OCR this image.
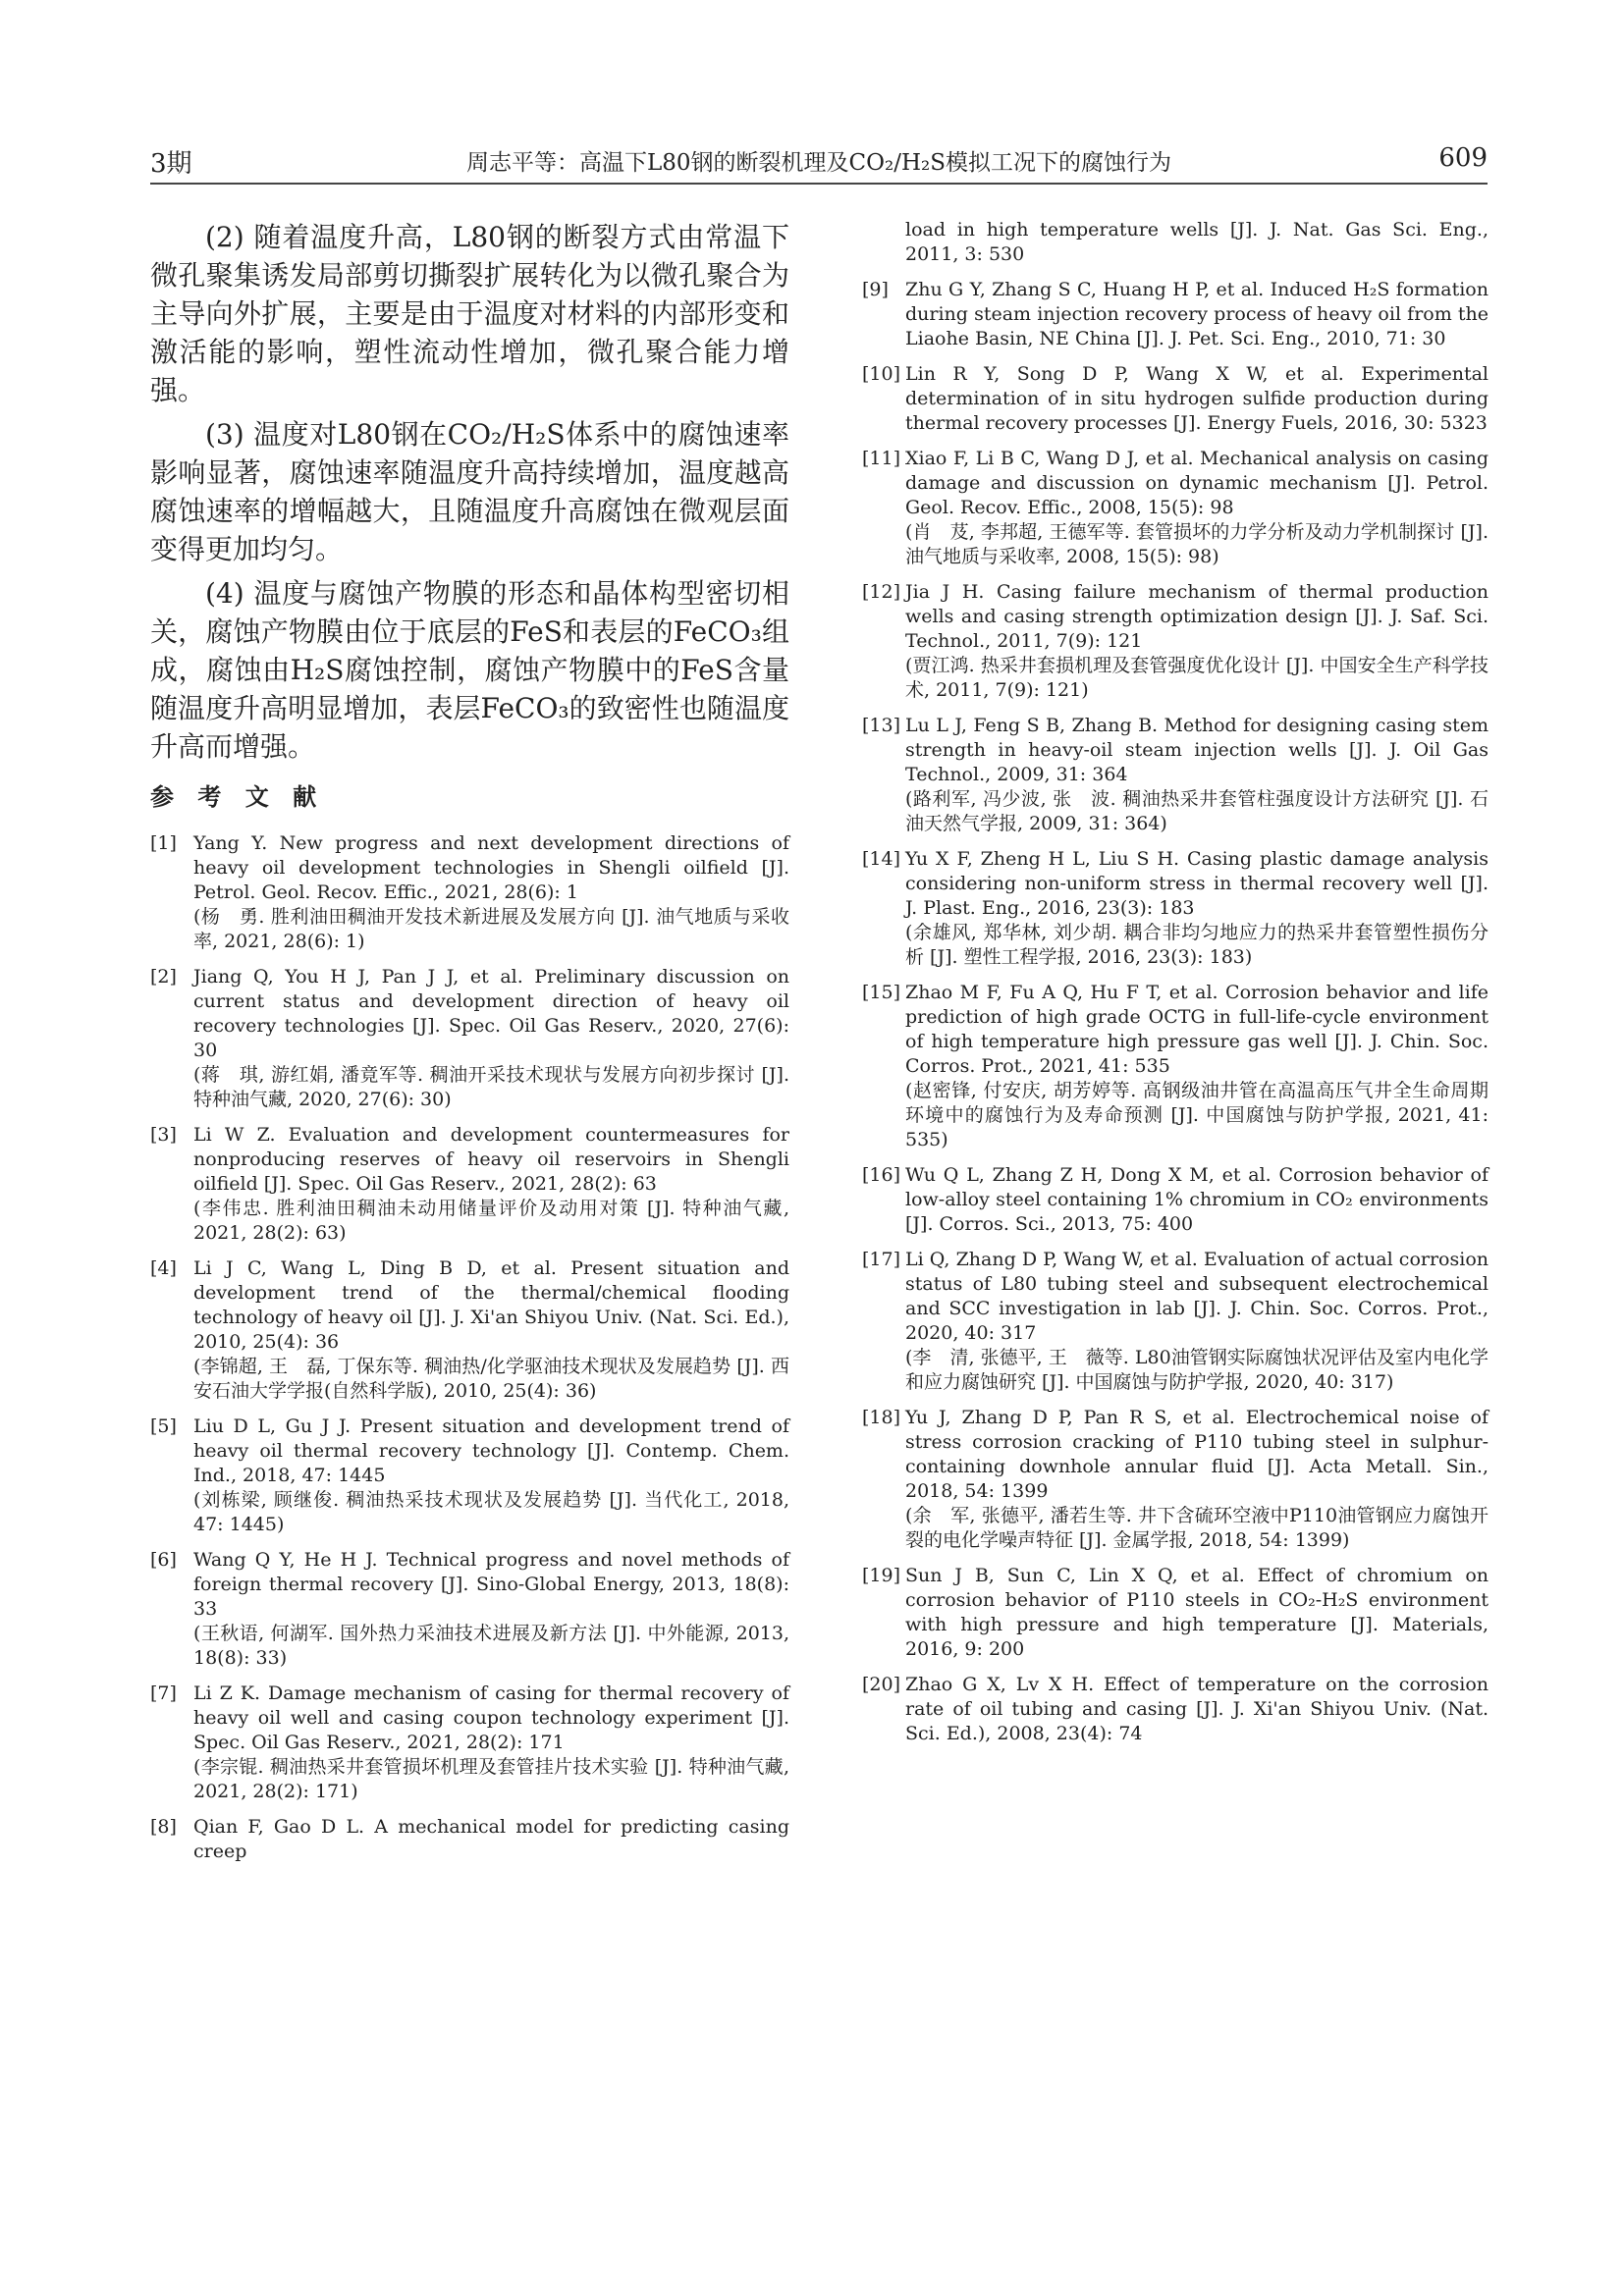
3期	周志平等：高温下L80钢的断裂机理及CO₂/H₂S模拟工况下的腐蚀行为	609

(2) 随着温度升高，L80钢的断裂方式由常温下微孔聚集诱发局部剪切撕裂扩展转化为以微孔聚合为主导向外扩展，主要是由于温度对材料的内部形变和激活能的影响，塑性流动性增加，微孔聚合能力增强。

(3) 温度对L80钢在CO₂/H₂S体系中的腐蚀速率影响显著，腐蚀速率随温度升高持续增加，温度越高腐蚀速率的增幅越大，且随温度升高腐蚀在微观层面变得更加均匀。

(4) 温度与腐蚀产物膜的形态和晶体构型密切相关，腐蚀产物膜由位于底层的FeS和表层的FeCO₃组成，腐蚀由H₂S腐蚀控制，腐蚀产物膜中的FeS含量随温度升高明显增加，表层FeCO₃的致密性也随温度升高而增强。

参 考 文 献
[1] Yang Y. New progress and next development directions of heavy oil development technologies in Shengli oilfield [J]. Petrol. Geol. Recov. Effic., 2021, 28(6): 1
(杨　勇. 胜利油田稠油开发技术新进展及发展方向 [J]. 油气地质与采收率, 2021, 28(6): 1)
[2] Jiang Q, You H J, Pan J J, et al. Preliminary discussion on current status and development direction of heavy oil recovery technologies [J]. Spec. Oil Gas Reserv., 2020, 27(6): 30
(蒋　琪, 游红娟, 潘竟军等. 稠油开采技术现状与发展方向初步探讨 [J]. 特种油气藏, 2020, 27(6): 30)
[3] Li W Z. Evaluation and development countermeasures for nonproducing reserves of heavy oil reservoirs in Shengli oilfield [J]. Spec. Oil Gas Reserv., 2021, 28(2): 63
(李伟忠. 胜利油田稠油未动用储量评价及动用对策 [J]. 特种油气藏, 2021, 28(2): 63)
[4] Li J C, Wang L, Ding B D, et al. Present situation and development trend of the thermal/chemical flooding technology of heavy oil [J]. J. Xi'an Shiyou Univ. (Nat. Sci. Ed.), 2010, 25(4): 36
(李锦超, 王　磊, 丁保东等. 稠油热/化学驱油技术现状及发展趋势 [J]. 西安石油大学学报(自然科学版), 2010, 25(4): 36)
[5] Liu D L, Gu J J. Present situation and development trend of heavy oil thermal recovery technology [J]. Contemp. Chem. Ind., 2018, 47: 1445
(刘栋梁, 顾继俊. 稠油热采技术现状及发展趋势 [J]. 当代化工, 2018, 47: 1445)
[6] Wang Q Y, He H J. Technical progress and novel methods of foreign thermal recovery [J]. Sino-Global Energy, 2013, 18(8): 33
(王秋语, 何湖军. 国外热力采油技术进展及新方法 [J]. 中外能源, 2013, 18(8): 33)
[7] Li Z K. Damage mechanism of casing for thermal recovery of heavy oil well and casing coupon technology experiment [J]. Spec. Oil Gas Reserv., 2021, 28(2): 171
(李宗锟. 稠油热采井套管损坏机理及套管挂片技术实验 [J]. 特种油气藏, 2021, 28(2): 171)
[8] Qian F, Gao D L. A mechanical model for predicting casing creep
load in high temperature wells [J]. J. Nat. Gas Sci. Eng., 2011, 3: 530
[9] Zhu G Y, Zhang S C, Huang H P, et al. Induced H₂S formation during steam injection recovery process of heavy oil from the Liaohe Basin, NE China [J]. J. Pet. Sci. Eng., 2010, 71: 30
[10] Lin R Y, Song D P, Wang X W, et al. Experimental determination of in situ hydrogen sulfide production during thermal recovery processes [J]. Energy Fuels, 2016, 30: 5323
[11] Xiao F, Li B C, Wang D J, et al. Mechanical analysis on casing damage and discussion on dynamic mechanism [J]. Petrol. Geol. Recov. Effic., 2008, 15(5): 98
(肖　芨, 李邦超, 王德军等. 套管损坏的力学分析及动力学机制探讨 [J]. 油气地质与采收率, 2008, 15(5): 98)
[12] Jia J H. Casing failure mechanism of thermal production wells and casing strength optimization design [J]. J. Saf. Sci. Technol., 2011, 7(9): 121
(贾江鸿. 热采井套损机理及套管强度优化设计 [J]. 中国安全生产科学技术, 2011, 7(9): 121)
[13] Lu L J, Feng S B, Zhang B. Method for designing casing stem strength in heavy-oil steam injection wells [J]. J. Oil Gas Technol., 2009, 31: 364
(路利军, 冯少波, 张　波. 稠油热采井套管柱强度设计方法研究 [J]. 石油天然气学报, 2009, 31: 364)
[14] Yu X F, Zheng H L, Liu S H. Casing plastic damage analysis considering non-uniform stress in thermal recovery well [J]. J. Plast. Eng., 2016, 23(3): 183
(余雄风, 郑华林, 刘少胡. 耦合非均匀地应力的热采井套管塑性损伤分析 [J]. 塑性工程学报, 2016, 23(3): 183)
[15] Zhao M F, Fu A Q, Hu F T, et al. Corrosion behavior and life prediction of high grade OCTG in full-life-cycle environment of high temperature high pressure gas well [J]. J. Chin. Soc. Corros. Prot., 2021, 41: 535
(赵密锋, 付安庆, 胡芳婷等. 高钢级油井管在高温高压气井全生命周期环境中的腐蚀行为及寿命预测 [J]. 中国腐蚀与防护学报, 2021, 41: 535)
[16] Wu Q L, Zhang Z H, Dong X M, et al. Corrosion behavior of low-alloy steel containing 1% chromium in CO₂ environments [J]. Corros. Sci., 2013, 75: 400
[17] Li Q, Zhang D P, Wang W, et al. Evaluation of actual corrosion status of L80 tubing steel and subsequent electrochemical and SCC investigation in lab [J]. J. Chin. Soc. Corros. Prot., 2020, 40: 317
(李　清, 张德平, 王　薇等. L80油管钢实际腐蚀状况评估及室内电化学和应力腐蚀研究 [J]. 中国腐蚀与防护学报, 2020, 40: 317)
[18] Yu J, Zhang D P, Pan R S, et al. Electrochemical noise of stress corrosion cracking of P110 tubing steel in sulphur-containing downhole annular fluid [J]. Acta Metall. Sin., 2018, 54: 1399
(余　军, 张德平, 潘若生等. 井下含硫环空液中P110油管钢应力腐蚀开裂的电化学噪声特征 [J]. 金属学报, 2018, 54: 1399)
[19] Sun J B, Sun C, Lin X Q, et al. Effect of chromium on corrosion behavior of P110 steels in CO₂-H₂S environment with high pressure and high temperature [J]. Materials, 2016, 9: 200
[20] Zhao G X, Lv X H. Effect of temperature on the corrosion rate of oil tubing and casing [J]. J. Xi'an Shiyou Univ. (Nat. Sci. Ed.), 2008, 23(4): 74
